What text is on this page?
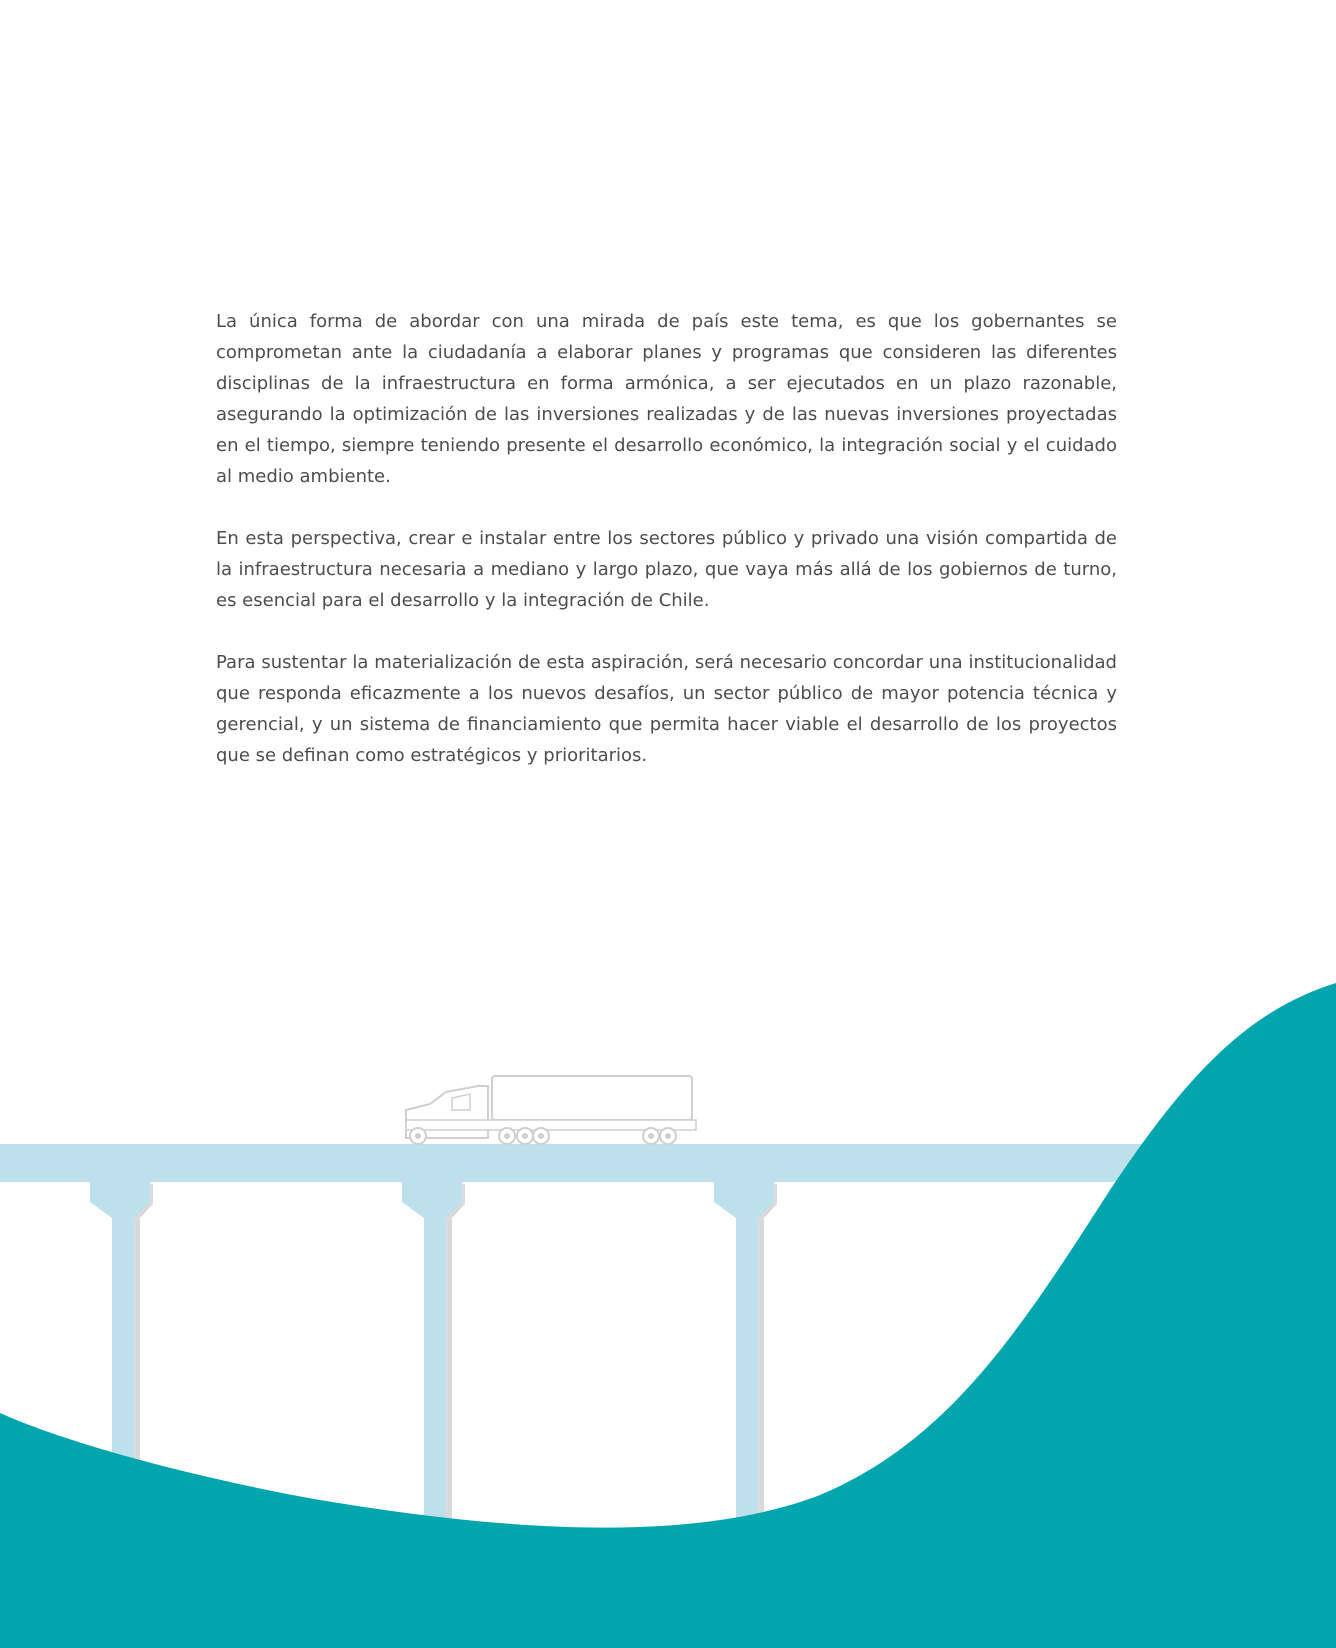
La única forma de abordar con una mirada de país este tema, es que los gobernantes se comprometan ante la ciudadanía a elaborar planes y programas que consideren las diferentes disciplinas de la infraestructura en forma armónica, a ser ejecutados en un plazo razonable, asegurando la optimización de las inversiones realizadas y de las nuevas inversiones proyectadas en el tiempo, siempre teniendo presente el desarrollo económico, la integración social y el cuidado al medio ambiente.

En esta perspectiva, crear e instalar entre los sectores público y privado una visión compartida de la infraestructura necesaria a mediano y largo plazo, que vaya más allá de los gobiernos de turno, es esencial para el desarrollo y la integración de Chile.

Para sustentar la materialización de esta aspiración, será necesario concordar una institucionalidad que responda eficazmente a los nuevos desafíos, un sector público de mayor potencia técnica y gerencial, y un sistema de financiamiento que permita hacer viable el desarrollo de los proyectos que se definan como estratégicos y prioritarios.
